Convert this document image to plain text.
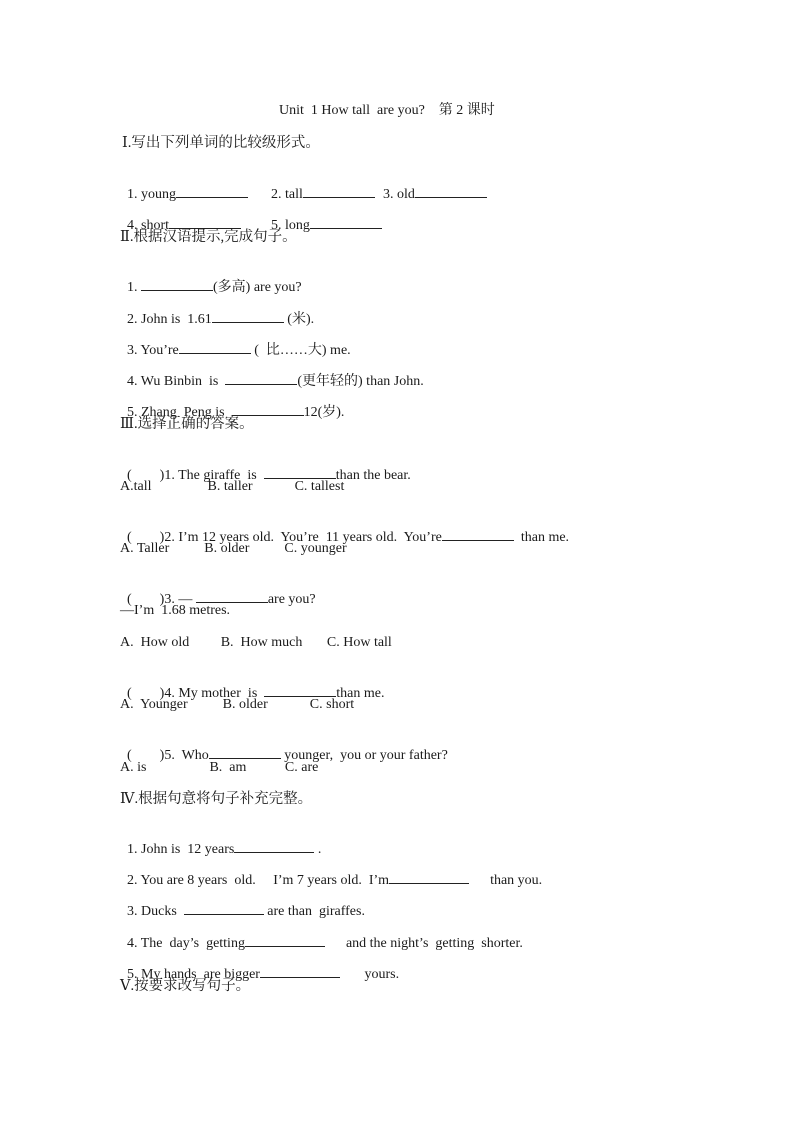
Unit  1 How tall  are you?    第 2 课时
Ⅰ.写出下列单词的比较级形式。

1. young	2. tall	3. old

4. short	5. long

Ⅱ.根据汉语提示,完成句子。

1.	(多高) are you?

2. John is  1.61	(米).

3. You’re	(  比……大) me.

4. Wu Binbin  is	(更年轻的) than John.

5. Zhang  Peng is	12(岁).

Ⅲ.选择正确的答案。

(        )1. The giraffe  is	than the bear.

A.tall                B. taller            C. tallest

(        )2. I’m 12 years old.  You’re  11 years old.  You’re	than me.

A. Taller          B. older          C. younger

(        )3. —	are you?

—I’m  1.68 metres.
A.  How old         B.  How much       C. How tall

(        )4. My mother  is	than me.

A.  Younger          B. older            C. short

(        )5.  Who	younger,  you or your father?

A. is                  B.  am           C. are
Ⅳ.根据句意将句子补充完整。

1. John is  12 years	.

2. You are 8 years  old.     I’m 7 years old.  I’m	than you.

3. Ducks	are than  giraffes.

4. The  day’s  getting	and the night’s  getting  shorter.

5. My hands  are bigger	yours.

Ⅴ.按要求改写句子。
